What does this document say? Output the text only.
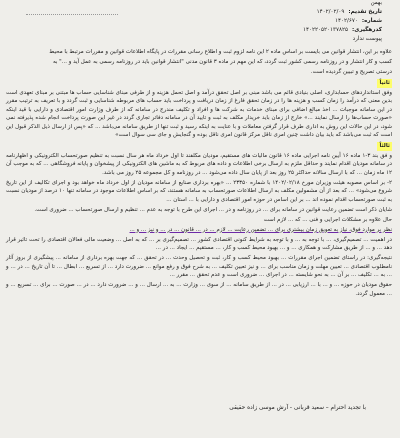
بهمن
تاریخ تقدیم:
۱۴۰۲/۰۲/۰۹
شماره:
۱۴۰۲/۶۷۰
کدرهگیری:
۱۴۰۲۲۰۵۲۰۱۳۷۸۲۵
پیوست ندارد

علاوه بر این، انتشار قوانین می بایست بر اساس ماده ۲ این نامه لزوم ثبت و اطلاع رسانی مقررات در پایگاه اطلاعات قوانین و مقررات مرتبط با محیط

کسب و کار انتشار و در روزنامه رسمی کشور ثبت گردد، که این مهم در ماده ۳ قانون مدنی "انتشار قوانین باید در روزنامه رسمی به عمل آید و ..." به

درستی تصریح و تبیین گردیده است.

ثانیاً

وفق استانداردهای حسابداری، اصلی بنیادی قائم می باشد مبنی بر اصل تحقق درآمد و اصل تحمل هزینه و از طرفی مبنای شناسایی حساب ها مبتنی بر مبنای تعهدی است بدین معنی که درآمد را زمان کسب و هزینه ها را در زمان تحقق فارغ از زمان دریافت و پرداخت باید حساب های مربوطه شناسایی و ثبت گردد و با تعریف به ترتیب مقرر در این سامانه موجبات ... اخذ مبالغ اضافی برای مبنای خدمات به شرکت ها و افراد و تکلیف مندرج در سامانه که از طرف وزارت امور اقتصادی و دارایی با قید اینکه «صورت حساب‌ها را ارسال نمایند ...» خارج از زمان باید خریدار مکلف به ثبت و تایید آن در سامانه دفاتر تجاری گردد در غیر این صورت پرداخت انجام شده پذیرفته نمی شود، در این حالات این روش به اداری طرف قرار گرفتن معاملات و با عنایت به اینکه رسید و ثبت تنها از طریق سامانه می‌باشد ... که «پس از ارسال ذیل الذکر قبول این است که ثبت می‌باشد که باید بیان داشت چنین امری ناقل مرکز قانون امری ناقل بوده و گنجایش و جای سی سوال است»

ثالثاً

و فق بند ۳-۱ ماده ۱۶ آیین نامه اجرایی ماده ۱۶ قانون مالیات های مستقیم، مودیان مکلفند تا اول خرداد ماه هر سال نسبت به تنظیم صورتحساب الکترونیکی و اظهارنامه در سامانه مودیان اقدام نمایند و حداقل ملزم به ارسال برخی اطلاعات و داده های مربوط که به ماشین های الکترونیکی از پیشخوان و پایانه فروشگاهی ... که به موجب آن ۱۲ ماه زمان ... که با ارسال سالانه حداکثر ۲۵ روز بعد از پایان سال داده می‌شود ... در روزنامه و کل مجموعه ۲۵ روز می باشد.

۲- بر اساس مصوبه هیئت وزیران مورخ ۱۴۰۲/۰۲/۱۸ با شماره ۲۳۳۵۰ ... «بهره برداری صنایع از سامانه مودیان از اول خرداد ماه خواهد بود و اجرای تکالیف از این تاریخ شروع می‌شود» ... که بعد از آن مشمولین مکلف به ارسال اطلاعات صورتحساب به سامانه هستند، که بر اساس اطلاعات موجود در سامانه تنها ۱۰ درصد از مودیان نسبت به ثبت صورتحساب اقدام نموده اند ... بر این اساس در حوزه امور اقتصادی و دارایی با ... استان ...

شایان ذکر است تضمین رعایت قوانین در سامانه برای ... در روزنامه و در ... اجرای این طرح با توجه به عدم ... تنظیم و ارسال صورتحساب ... ضروری است.

حال علاوه بر مشکلات اجرایی و فنی ... که ... لازم است

نظر بر موارد فوق، نیاز به تعویق زمان بیشتری برای ... تضمین رعایت ... لازم ... در ... قانون ... در ... و نیز ... و ...

در اهمیت ... تصمیم‌گیری، ... با توجه به ... و با توجه به شرایط کنونی اقتصادی کشور ... تصمیم‌گیری بر ... که به اصل ... وضعیت مالی فعالان اقتصادی را تحت تاثیر قرار دهد ... و ... از طریق مشارکت و همکاری ... و ... بهبود محیط کسب و کار، ... مستقیم ... ایجاد ... در ...

نتیجه‌گیری: در راستای تضمین اجرای مقررات ... بهبود محیط کسب و کار، ثبت و تحصیل وحدت ... در تحقق ... که جهت بهره برداری از سامانه ... پیشگیری از بروز آثار نامطلوب اقتصادی ... تعیین مهلت و زمان مناسب برای ... و نیز تعیین تکلیف ... به شرح فوق و رفع موانع ... ضرورت دارد ... از تسریع ... ابطال ... تا آن تاریخ ... در ... و ... به ... تکلیف ... بر آن ... به نحو شایسته ... در اجرای ... ضروری است و عدم تحقق ... مقرر ...

حقوق مودیان در حوزه ... و ... با ... ارزیابی ... در ... از طریق سامانه ... از سوی ... وزارت ... به ... ارسال ... و ... ضرورت دارد ... در ... صورت ... برای ... تسریع ... و ... معمول گردد.

با تجدید احترام – سعید قربانی - آرش موسی زاده حقیقی
